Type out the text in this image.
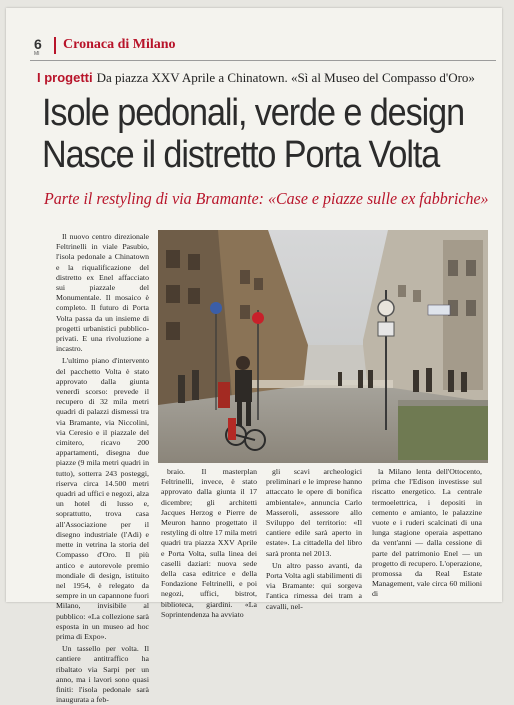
6
MI
Cronaca di Milano
I progetti Da piazza XXV Aprile a Chinatown. «Sì al Museo del Compasso d'Oro»
Isole pedonali, verde e design
Nasce il distretto Porta Volta
Parte il restyling di via Bramante: «Case e piazze sulle ex fabbriche»

Il nuovo centro direzionale Feltrinelli in viale Pasubio, l'isola pedonale a Chinatown e la riqualificazione del distretto ex Enel affacciato sui piazzale del Monumentale. Il mosaico è completo. Il futuro di Porta Volta passa da un insieme di progetti urbanistici pubblico-privati. E una rivoluzione a incastro.

L'ultimo piano d'intervento del pacchetto Volta è stato approvato dalla giunta venerdì scorso: prevede il recupero di 32 mila metri quadri di palazzi dismessi tra via Bramante, via Niccolini, via Ceresio e il piazzale del cimitero, ricavo 200 appartamenti, disegna due piazze (9 mila metri quadri in tutto), sotterra 243 posteggi, riserva circa 14.500 metri quadri ad uffici e negozi, alza un hotel di lusso e, soprattutto, trova casa all'Associazione per il disegno industriale (l'Adi) e mette in vetrina la storia del Compasso d'Oro. Il più antico e autorevole premio mondiale di design, istituito nel 1954, è relegato da sempre in un capannone fuori Milano, invisibile al pubblico: «La collezione sarà esposta in un museo ad hoc prima di Expo».

Un tassello per volta. Il cantiere antitraffico ha ribaltato via Sarpi per un anno, ma i lavori sono quasi finiti: l'isola pedonale sarà inaugurata a feb-

braio. Il masterplan Feltrinelli, invece, è stato approvato dalla giunta il 17 dicembre; gli architetti Jacques Herzog e Pierre de Meuron hanno progettato il restyling di oltre 17 mila metri quadri tra piazza XXV Aprile e Porta Volta, sulla linea dei caselli daziari: nuova sede della casa editrice e della Fondazione Feltrinelli, e poi negozi, uffici, bistrot, biblioteca, giardini. «La Soprintendenza ha avviato

gli scavi archeologici preliminari e le imprese hanno attaccato le opere di bonifica ambientale», annuncia Carlo Masseroli, assessore allo Sviluppo del territorio: «Il cantiere edile sarà aperto in estate». La cittadella del libro sarà pronta nel 2013.

Un altro passo avanti, da Porta Volta agli stabilimenti di via Bramante: qui sorgeva l'antica rimessa dei tram a cavalli, nel-

la Milano lenta dell'Ottocento, prima che l'Edison investisse sul riscatto energetico. La centrale termoelettrica, i depositi in cemento e amianto, le palazzine vuote e i ruderi scalcinati di una lunga stagione operaia aspettano da vent'anni — dalla cessione di parte del patrimonio Enel — un progetto di recupero. L'operazione, promossa da Real Estate Management, vale circa 60 milioni di
